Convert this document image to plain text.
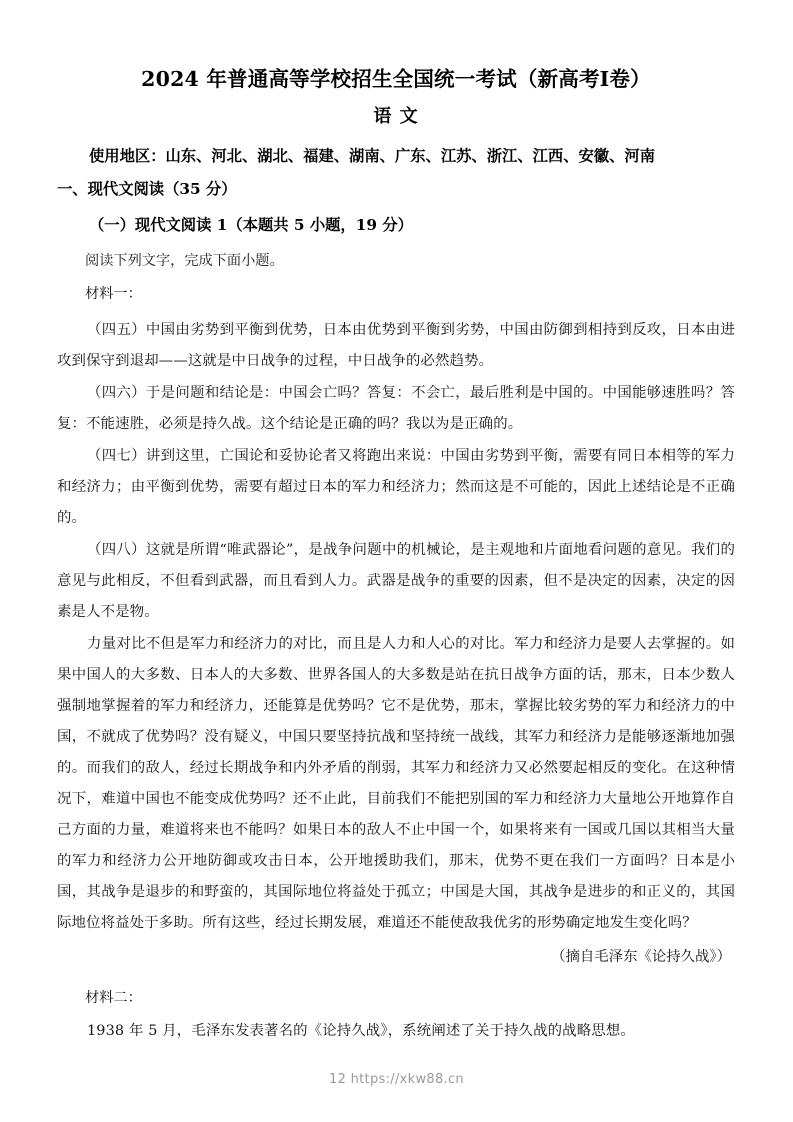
2024 年普通高等学校招生全国统一考试（新高考Ⅰ卷）
语 文

使用地区：山东、河北、湖北、福建、湖南、广东、江苏、浙江、江西、安徽、河南

一、现代文阅读（35 分）
（一）现代文阅读 1（本题共 5 小题，19 分）

阅读下列文字，完成下面小题。

材料一：

（四五）中国由劣势到平衡到优势，日本由优势到平衡到劣势，中国由防御到相持到反攻，日本由进攻到保守到退却——这就是中日战争的过程，中日战争的必然趋势。

（四六）于是问题和结论是：中国会亡吗？答复：不会亡，最后胜利是中国的。中国能够速胜吗？答复：不能速胜，必须是持久战。这个结论是正确的吗？我以为是正确的。

（四七）讲到这里，亡国论和妥协论者又将跑出来说：中国由劣势到平衡，需要有同日本相等的军力和经济力；由平衡到优势，需要有超过日本的军力和经济力；然而这是不可能的，因此上述结论是不正确的。

（四八）这就是所谓“唯武器论”，是战争问题中的机械论，是主观地和片面地看问题的意见。我们的意见与此相反，不但看到武器，而且看到人力。武器是战争的重要的因素，但不是决定的因素，决定的因素是人不是物。

力量对比不但是军力和经济力的对比，而且是人力和人心的对比。军力和经济力是要人去掌握的。如果中国人的大多数、日本人的大多数、世界各国人的大多数是站在抗日战争方面的话，那末，日本少数人强制地掌握着的军力和经济力，还能算是优势吗？它不是优势，那末，掌握比较劣势的军力和经济力的中国，不就成了优势吗？没有疑义，中国只要坚持抗战和坚持统一战线，其军力和经济力是能够逐渐地加强的。而我们的敌人，经过长期战争和内外矛盾的削弱，其军力和经济力又必然要起相反的变化。在这种情况下，难道中国也不能变成优势吗？还不止此，目前我们不能把别国的军力和经济力大量地公开地算作自己方面的力量，难道将来也不能吗？如果日本的敌人不止中国一个，如果将来有一国或几国以其相当大量的军力和经济力公开地防御或攻击日本，公开地援助我们，那末，优势不更在我们一方面吗？日本是小国，其战争是退步的和野蛮的，其国际地位将益处于孤立；中国是大国，其战争是进步的和正义的，其国际地位将益处于多助。所有这些，经过长期发展，难道还不能使敌我优劣的形势确定地发生变化吗？

（摘自毛泽东《论持久战》）

材料二：

1938 年 5 月，毛泽东发表著名的《论持久战》，系统阐述了关于持久战的战略思想。

12 https://xkw88.cn
